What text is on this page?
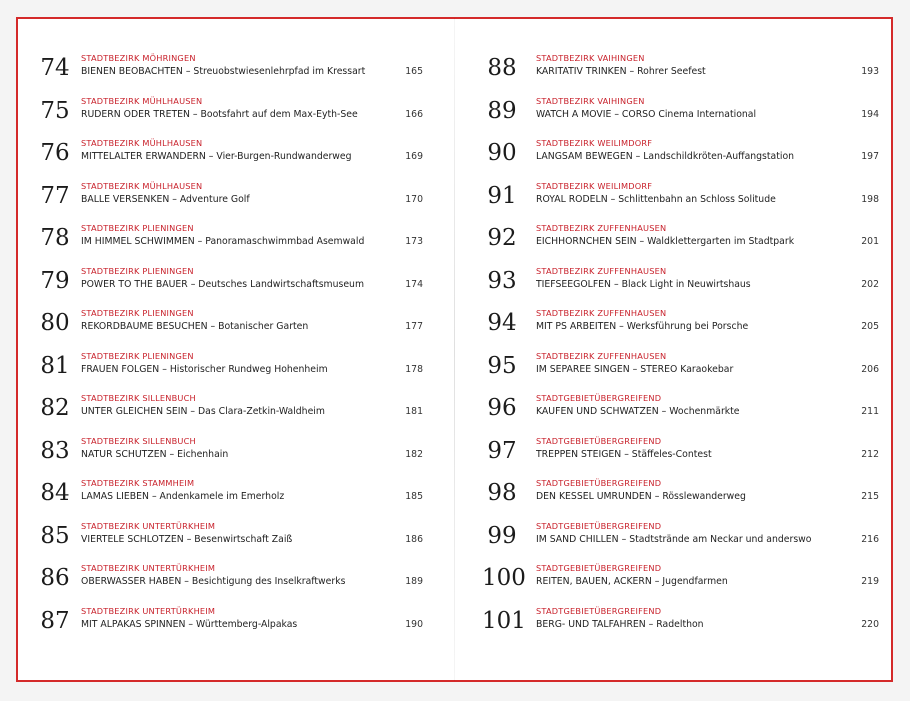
74 STADTBEZIRK MÖHRINGEN
BIENEN BEOBACHTEN – Streuobstwiesenlehrpfad im Kressart	165
75 STADTBEZIRK MÜHLHAUSEN
RUDERN ODER TRETEN – Bootsfahrt auf dem Max-Eyth-See	166
76 STADTBEZIRK MÜHLHAUSEN
MITTELALTER ERWANDERN – Vier-Burgen-Rundwanderweg	169
77 STADTBEZIRK MÜHLHAUSEN
BÄLLE VERSENKEN – Adventure Golf	170
78 STADTBEZIRK PLIENINGEN
IM HIMMEL SCHWIMMEN – Panoramaschwimmbad Asemwald	173
79 STADTBEZIRK PLIENINGEN
POWER TO THE BAUER – Deutsches Landwirtschaftsmuseum	174
80 STADTBEZIRK PLIENINGEN
REKORDBÄUME BESUCHEN – Botanischer Garten	177
81 STADTBEZIRK PLIENINGEN
FRAUEN FOLGEN – Historischer Rundweg Hohenheim	178
82 STADTBEZIRK SILLENBUCH
UNTER GLEICHEN SEIN – Das Clara-Zetkin-Waldheim	181
83 STADTBEZIRK SILLENBUCH
NATUR SCHÜTZEN – Eichenhain	182
84 STADTBEZIRK STAMMHEIM
LAMAS LIEBEN – Andenkamele im Emerholz	185
85 STADTBEZIRK UNTERTÜRKHEIM
VIERTELE SCHLOTZEN – Besenwirtschaft Zaiß	186
86 STADTBEZIRK UNTERTÜRKHEIM
OBERWASSER HABEN – Besichtigung des Inselkraftwerks	189
87 STADTBEZIRK UNTERTÜRKHEIM
MIT ALPAKAS SPINNEN – Württemberg-Alpakas	190
88	STADTBEZIRK VAIHINGEN
KARITATIV TRINKEN – Rohrer Seefest	193
89	STADTBEZIRK VAIHINGEN
WATCH A MOVIE – CORSO Cinema International	194
90	STADTBEZIRK WEILIMDORF
LANGSAM BEWEGEN – Landschildkröten-Auffangstation	197
91	STADTBEZIRK WEILIMDORF
ROYAL RODELN – Schlittenbahn an Schloss Solitude	198
92	STADTBEZIRK ZUFFENHAUSEN
EICHHÖRNCHEN SEIN – Waldklettergarten im Stadtpark	201
93	STADTBEZIRK ZUFFENHAUSEN
TIEFSEEGOLFEN – Black Light in Neuwirtshaus	202
94	STADTBEZIRK ZUFFENHAUSEN
MIT PS ARBEITEN – Werksführung bei Porsche	205
95	STADTBEZIRK ZUFFENHAUSEN
IM SEPAREE SINGEN – STEREO Karaokebar	206
96	STADTGEBIETÜBERGREIFEND
KAUFEN UND SCHWÄTZEN – Wochenmärkte	211
97	STADTGEBIETÜBERGREIFEND
TREPPEN STEIGEN – Stäffeles-Contest	212
98	STADTGEBIETÜBERGREIFEND
DEN KESSEL UMRUNDEN – Rösslewanderweg	215
99	STADTGEBIETÜBERGREIFEND
IM SAND CHILLEN – Stadtstrände am Neckar und anderswo	216
100 STADTGEBIETÜBERGREIFEND
REITEN, BAUEN, ACKERN – Jugendfarmen	219
101 STADTGEBIETÜBERGREIFEND
BERG- UND TALFAHREN – Radelthon	220
